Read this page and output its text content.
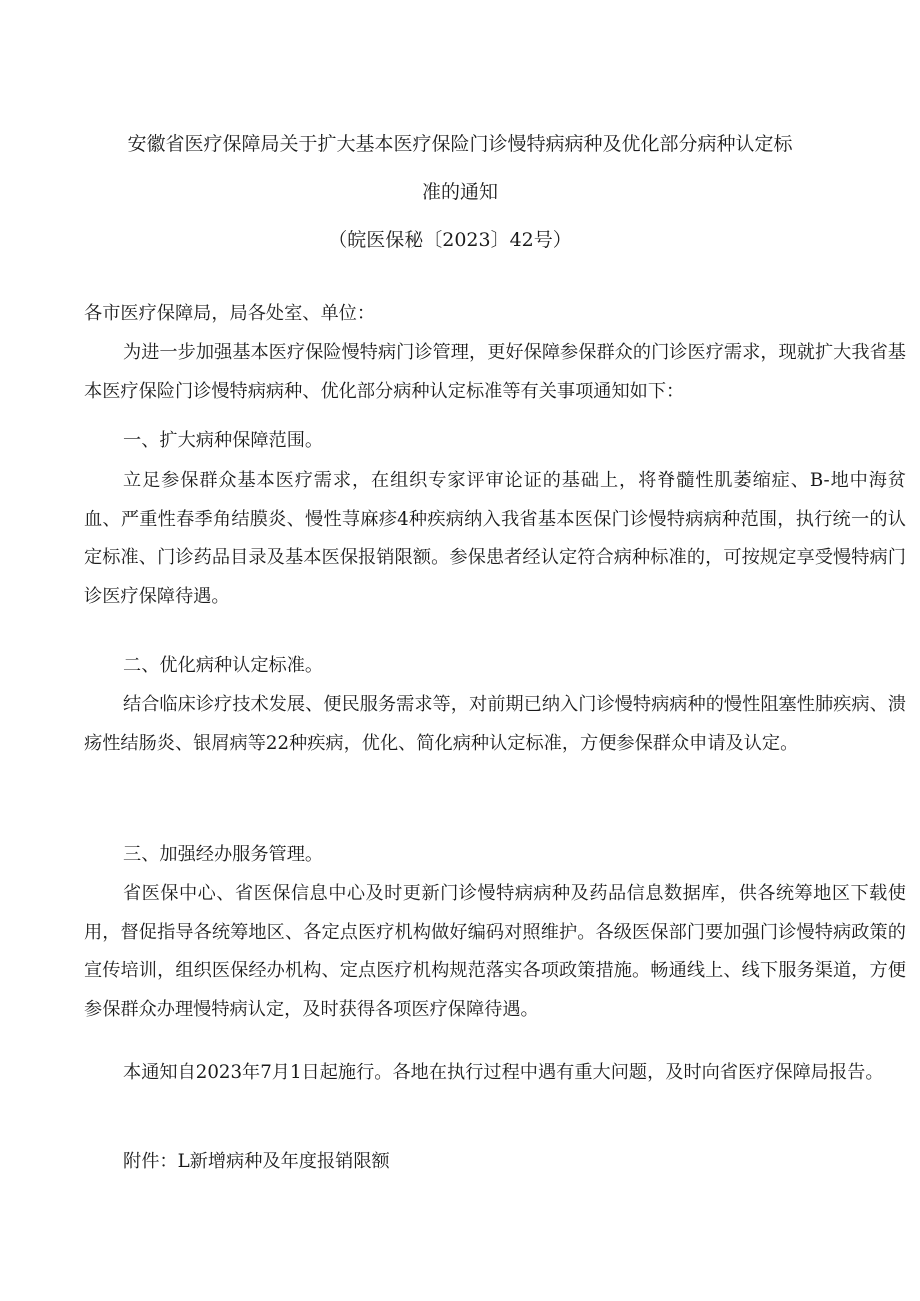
安徽省医疗保障局关于扩大基本医疗保险门诊慢特病病种及优化部分病种认定标
准的通知
（皖医保秘〔2023〕42号）

各市医疗保障局，局各处室、单位：

为进一步加强基本医疗保险慢特病门诊管理，更好保障参保群众的门诊医疗需求，现就扩大我省基本医疗保险门诊慢特病病种、优化部分病种认定标准等有关事项通知如下：

一、扩大病种保障范围。

立足参保群众基本医疗需求，在组织专家评审论证的基础上，将脊髓性肌萎缩症、B-地中海贫血、严重性春季角结膜炎、慢性荨麻疹4种疾病纳入我省基本医保门诊慢特病病种范围，执行统一的认定标准、门诊药品目录及基本医保报销限额。参保患者经认定符合病种标准的，可按规定享受慢特病门诊医疗保障待遇。

二、优化病种认定标准。

结合临床诊疗技术发展、便民服务需求等，对前期已纳入门诊慢特病病种的慢性阻塞性肺疾病、溃疡性结肠炎、银屑病等22种疾病，优化、简化病种认定标准，方便参保群众申请及认定。

三、加强经办服务管理。

省医保中心、省医保信息中心及时更新门诊慢特病病种及药品信息数据库，供各统筹地区下载使用，督促指导各统筹地区、各定点医疗机构做好编码对照维护。各级医保部门要加强门诊慢特病政策的宣传培训，组织医保经办机构、定点医疗机构规范落实各项政策措施。畅通线上、线下服务渠道，方便参保群众办理慢特病认定，及时获得各项医疗保障待遇。

本通知自2023年7月1日起施行。各地在执行过程中遇有重大问题，及时向省医疗保障局报告。

附件：L新增病种及年度报销限额
